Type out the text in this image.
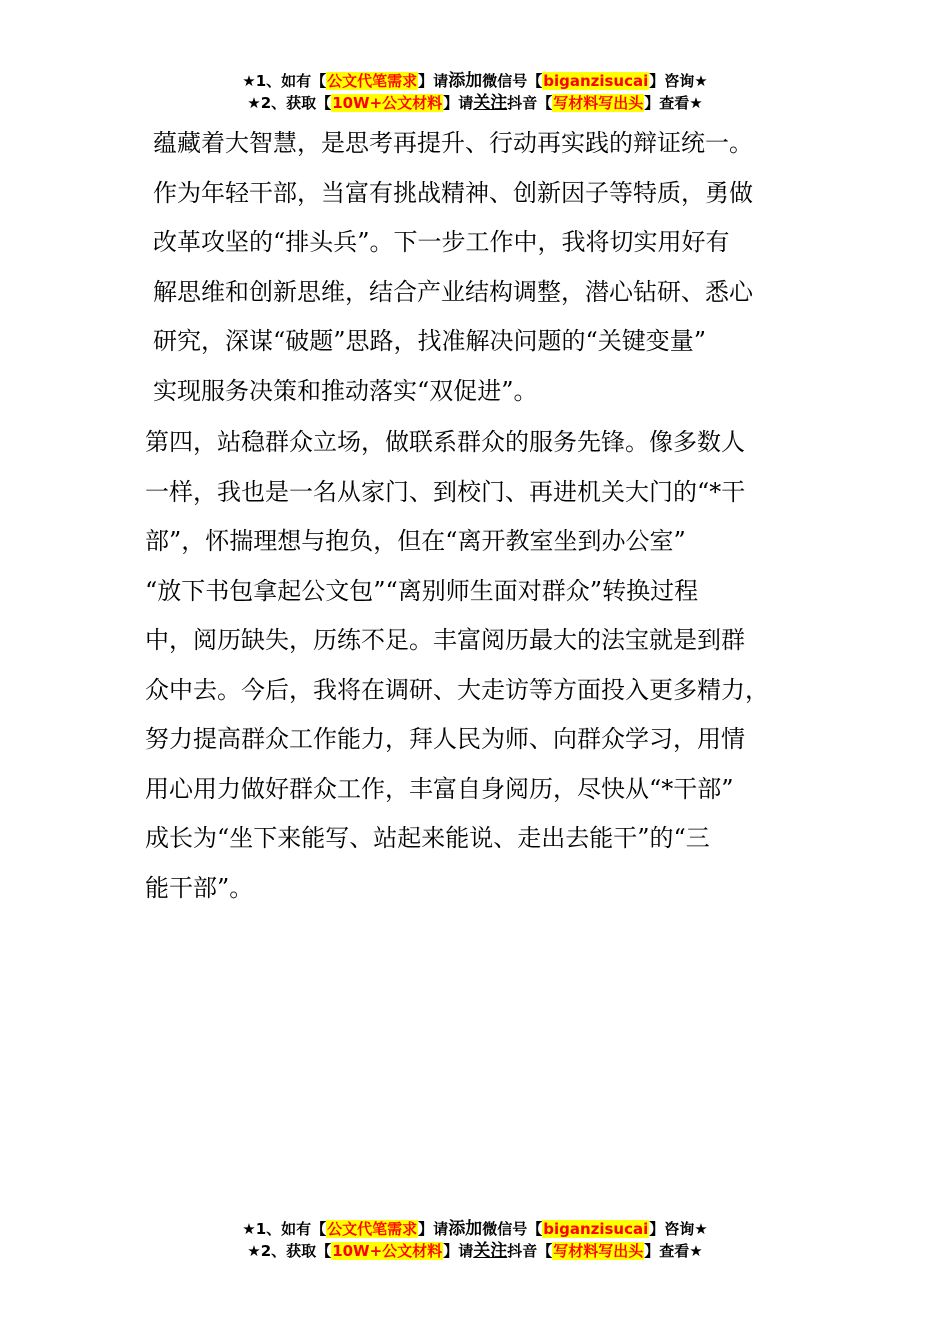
★1、如有【公文代笔需求】请添加微信号【biganzisucai】咨询★
★2、获取【10W+公文材料】请关注抖音【写材料写出头】查看★
蕴藏着大智慧，是思考再提升、行动再实践的辩证统一。
作为年轻干部，当富有挑战精神、创新因子等特质，勇做
改革攻坚的“排头兵”。下一步工作中，我将切实用好有
解思维和创新思维，结合产业结构调整，潜心钻研、悉心
研究，深谋“破题”思路，找准解决问题的“关键变量”
实现服务决策和推动落实“双促进”。
第四，站稳群众立场，做联系群众的服务先锋。像多数人
一样，我也是一名从家门、到校门、再进机关大门的“*干
部”，怀揣理想与抱负，但在“离开教室坐到办公室”
“放下书包拿起公文包”“离别师生面对群众”转换过程
中，阅历缺失，历练不足。丰富阅历最大的法宝就是到群
众中去。今后，我将在调研、大走访等方面投入更多精力，
努力提高群众工作能力，拜人民为师、向群众学习，用情
用心用力做好群众工作，丰富自身阅历，尽快从“*干部”
成长为“坐下来能写、站起来能说、走出去能干”的“三
能干部”。
★1、如有【公文代笔需求】请添加微信号【biganzisucai】咨询★
★2、获取【10W+公文材料】请关注抖音【写材料写出头】查看★
